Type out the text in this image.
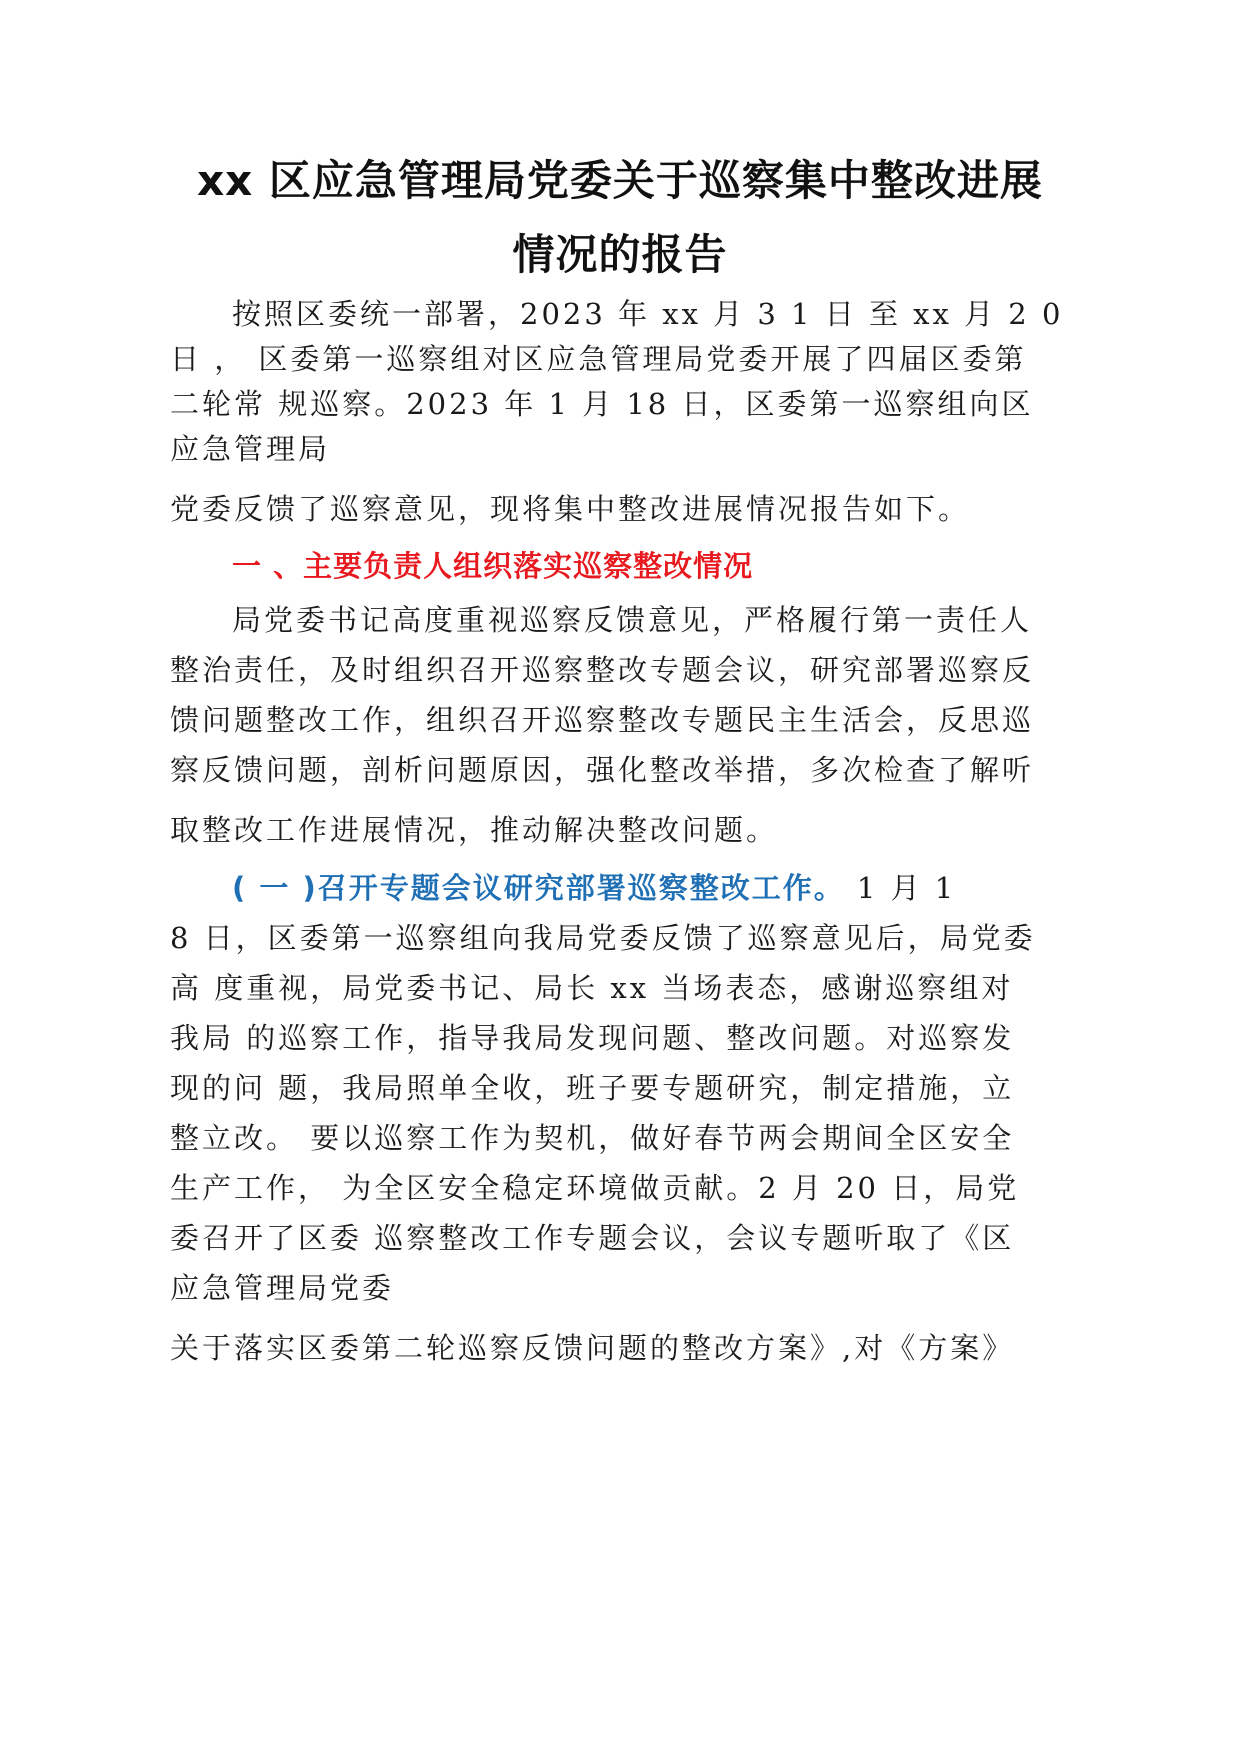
xx 区应急管理局党委关于巡察集中整改进展
情况的报告
按照区委统一部署，2023 年 xx 月 3 1 日 至 xx 月 2 0
日 ， 区委第一巡察组对区应急管理局党委开展了四届区委第
二轮常 规巡察。2023 年 1 月 18 日，区委第一巡察组向区
应急管理局
党委反馈了巡察意见，现将集中整改进展情况报告如下。
一 、主要负责人组织落实巡察整改情况
局党委书记高度重视巡察反馈意见，严格履行第一责任人
整治责任，及时组织召开巡察整改专题会议，研究部署巡察反
馈问题整改工作，组织召开巡察整改专题民主生活会，反思巡
察反馈问题，剖析问题原因，强化整改举措，多次检查了解听
取整改工作进展情况，推动解决整改问题。
( 一 )召开专题会议研究部署巡察整改工作。 1 月 1
8 日，区委第一巡察组向我局党委反馈了巡察意见后，局党委
高 度重视，局党委书记、局长 xx 当场表态，感谢巡察组对
我局 的巡察工作，指导我局发现问题、整改问题。对巡察发
现的问 题，我局照单全收，班子要专题研究，制定措施，立
整立改。 要以巡察工作为契机，做好春节两会期间全区安全
生产工作， 为全区安全稳定环境做贡献。2 月 20 日，局党
委召开了区委 巡察整改工作专题会议，会议专题听取了《区
应急管理局党委
关于落实区委第二轮巡察反馈问题的整改方案》,对《方案》
